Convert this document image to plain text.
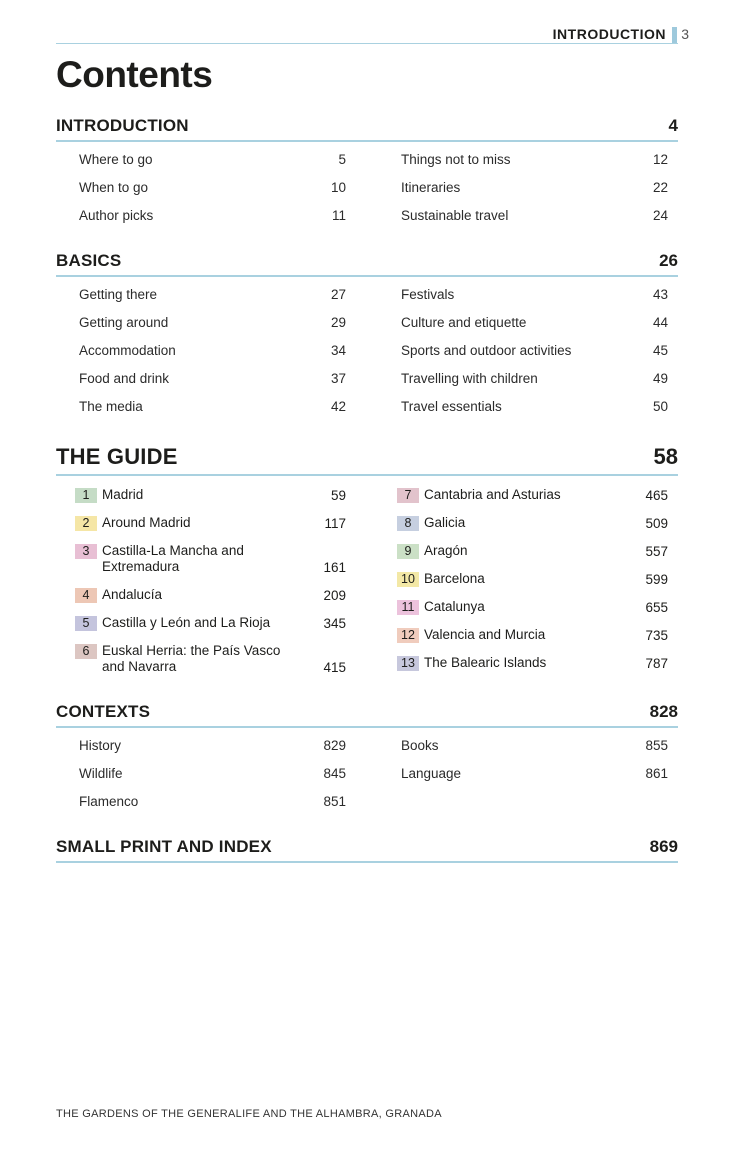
INTRODUCTION 3
Contents
INTRODUCTION	4
Where to go	5
When to go	10
Author picks	11
Things not to miss	12
Itineraries	22
Sustainable travel	24
BASICS	26
Getting there	27
Getting around	29
Accommodation	34
Food and drink	37
The media	42
Festivals	43
Culture and etiquette	44
Sports and outdoor activities	45
Travelling with children	49
Travel essentials	50
THE GUIDE	58
1 Madrid	59
2 Around Madrid	117
3 Castilla-La Mancha and Extremadura	161
4 Andalucía	209
5 Castilla y León and La Rioja	345
6 Euskal Herria: the País Vasco and Navarra	415
7 Cantabria and Asturias	465
8 Galicia	509
9 Aragón	557
10 Barcelona	599
11 Catalunya	655
12 Valencia and Murcia	735
13 The Balearic Islands	787
CONTEXTS	828
History	829
Wildlife	845
Flamenco	851
Books	855
Language	861
SMALL PRINT AND INDEX	869
THE GARDENS OF THE GENERALIFE AND THE ALHAMBRA, GRANADA
